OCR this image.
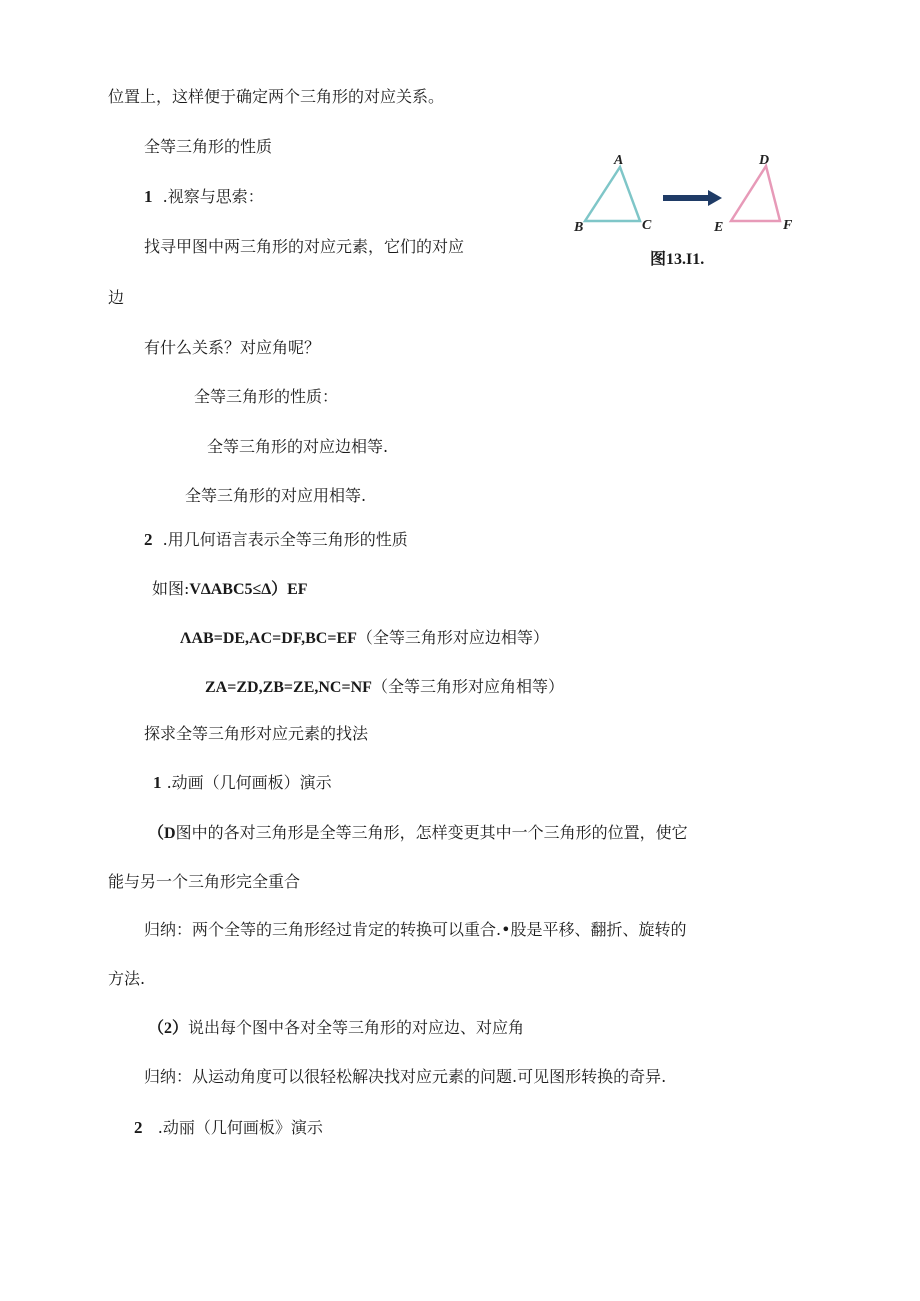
位置上，这样便于确定两个三角形的对应关系。
全等三角形的性质
1 .视察与思索：
找寻甲图中两三角形的对应元素，它们的对应
边
有什么关系？对应角呢？
全等三角形的性质：
全等三角形的对应边相等.
全等三角形的对应用相等.
2 .用几何语言表示全等三角形的性质
如图:V∆ABC5≤∆）EF
ΛAB=DE,AC=DF,BC=EF（全等三角形对应边相等）
ZA=ZD,ZB=ZE,NC=NF（全等三角形对应角相等）
探求全等三角形对应元素的找法
1 .动画（几何画板）演示
（D图中的各对三角形是全等三角形，怎样变更其中一个三角形的位置，使它
能与另一个三角形完全重合
归纳：两个全等的三角形经过肯定的转换可以重合.•股是平移、翻折、旋转的
方法.
（2）说出每个图中各对全等三角形的对应边、对应角
归纳：从运动角度可以很轻松解决找对应元素的问题.可见图形转换的奇异.
2 .动丽（几何画板》演示
A
B	C
D
E	F
图13.I1.
